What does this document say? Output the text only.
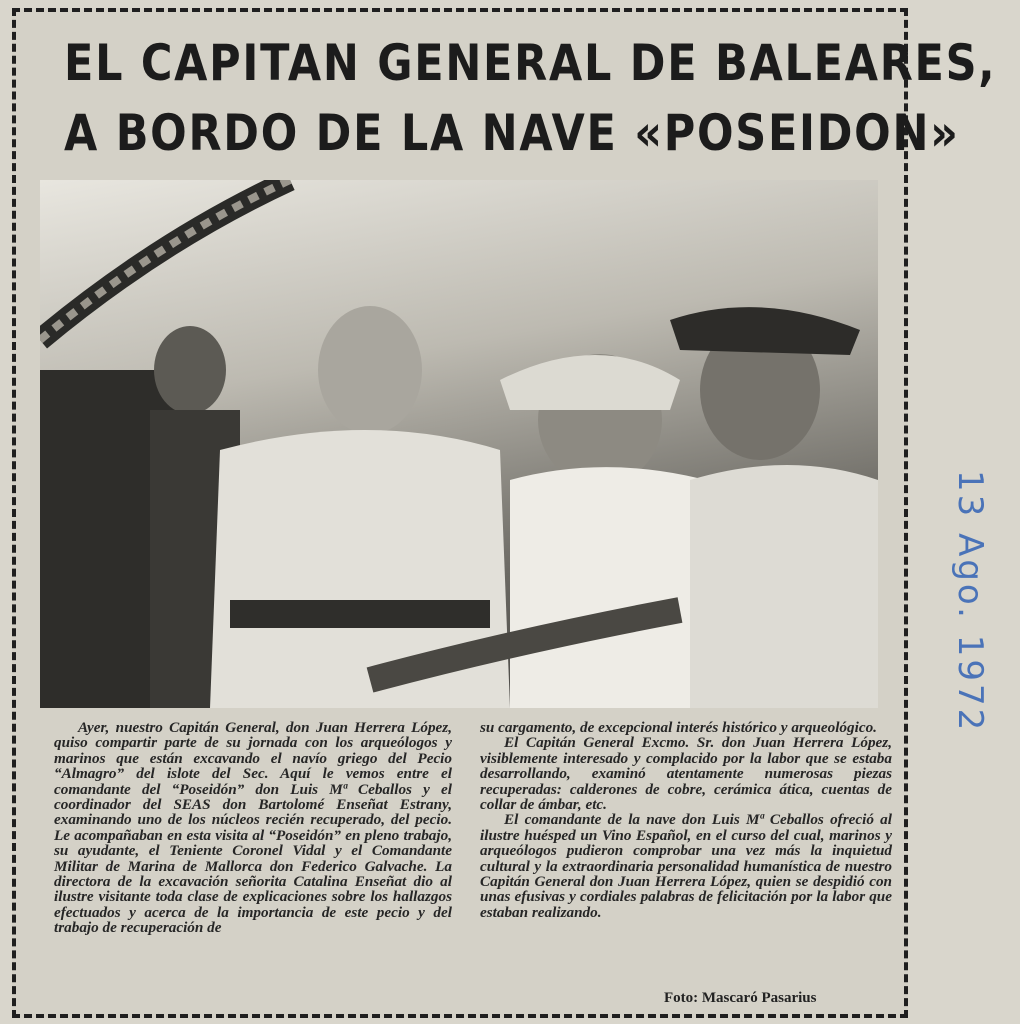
EL CAPITAN GENERAL DE BALEARES,
A BORDO DE LA NAVE «POSEIDON»

Ayer, nuestro Capitán General, don Juan Herrera López, quiso compartir parte de su jornada con los arqueólogos y marinos que están excavando el navío griego del Pecio “Almagro” del islote del Sec. Aquí le vemos entre el comandante del “Poseidón” don Luis Mª Ceballos y el coordinador del SEAS don Bartolomé Enseñat Estrany, examinando uno de los núcleos recién recuperado, del pecio. Le acompañaban en esta visita al “Poseidón” en pleno trabajo, su ayudante, el Teniente Coronel Vidal y el Comandante Militar de Marina de Mallorca don Federico Galvache. La directora de la excavación señorita Catalina Enseñat dio al ilustre visitante toda clase de explicaciones sobre los hallazgos efectuados y acerca de la importancia de este pecio y del trabajo de recuperación de

su cargamento, de excepcional interés histórico y arqueológico.

El Capitán General Excmo. Sr. don Juan Herrera López, visiblemente interesado y complacido por la labor que se estaba desarrollando, examinó atentamente numerosas piezas recuperadas: calderones de cobre, cerámica ática, cuentas de collar de ámbar, etc.

El comandante de la nave don Luis Mª Ceballos ofreció al ilustre huésped un Vino Español, en el curso del cual, marinos y arqueólogos pudieron comprobar una vez más la inquietud cultural y la extraordinaria personalidad humanística de nuestro Capitán General don Juan Herrera López, quien se despidió con unas efusivas y cordiales palabras de felicitación por la labor que estaban realizando.

Foto: Mascaró Pasarius
13 Ago. 1972
